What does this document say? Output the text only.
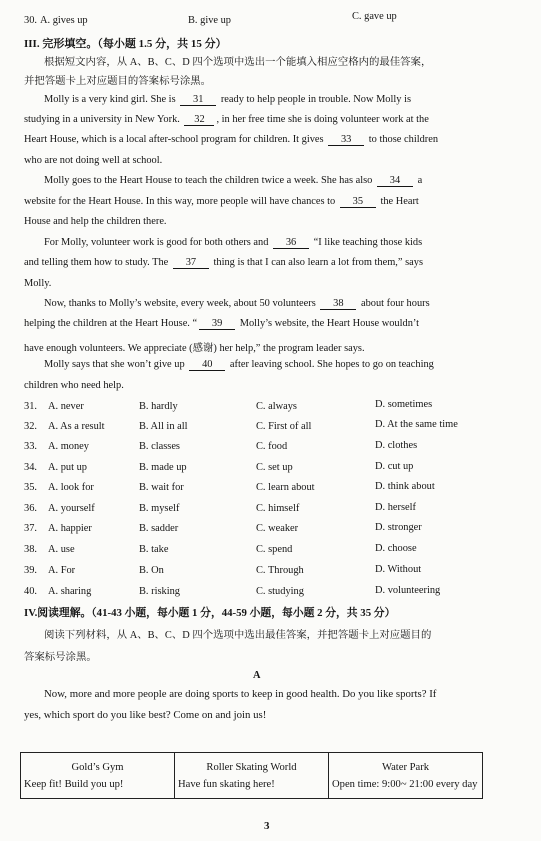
30. A. gives up	B. give up	C. gave up
III. 完形填空。（每小题 1.5 分，共 15 分）
根据短文内容，从 A、B、C、D 四个选项中选出一个能填入相应空格内的最佳答案，
并把答题卡上对应题目的答案标号涂黑。
Molly is a very kind girl. She is 31 ready to help people in trouble. Now Molly is
studying in a university in New York. 32 , in her free time she is doing volunteer work at the
Heart House, which is a local after-school program for children. It gives 33 to those children
who are not doing well at school.
Molly goes to the Heart House to teach the children twice a week. She has also 34 a
website for the Heart House. In this way, more people will have chances to 35 the Heart
House and help the children there.
For Molly, volunteer work is good for both others and 36 “I like teaching those kids
and telling them how to study. The 37 thing is that I can also learn a lot from them,” says
Molly.
Now, thanks to Molly’s website, every week, about 50 volunteers 38 about four hours
helping the children at the Heart House. “ 39 Molly’s website, the Heart House wouldn’t
have enough volunteers. We appreciate (感谢) her help,” the program leader says.
Molly says that she won’t give up 40 after leaving school. She hopes to go on teaching
children who need help.
31. A. never	B. hardly	C. always	D. sometimes
32. A. As a result	B. All in all	C. First of all	D. At the same time
33. A. money	B. classes	C. food	D. clothes
34. A. put up	B. made up	C. set up	D. cut up
35. A. look for	B. wait for	C. learn about	D. think about
36. A. yourself	B. myself	C. himself	D. herself
37. A. happier	B. sadder	C. weaker	D. stronger
38. A. use	B. take	C. spend	D. choose
39. A. For	B. On	C. Through	D. Without
40. A. sharing	B. risking	C. studying	D. volunteering
IV.阅读理解。（41-43 小题，每小题 1 分，44-59 小题，每小题 2 分，共 35 分）
阅读下列材料，从 A、B、C、D 四个选项中选出最佳答案，并把答题卡上对应题目的
答案标号涂黑。
A
Now, more and more people are doing sports to keep in good health. Do you like sports? If
yes, which sport do you like best? Come on and join us!
Gold’s Gym
Keep fit! Build you up!	
Roller Skating World
Have fun skating here!	
Water Park
Open time: 9:00~ 21:00 every day
3
